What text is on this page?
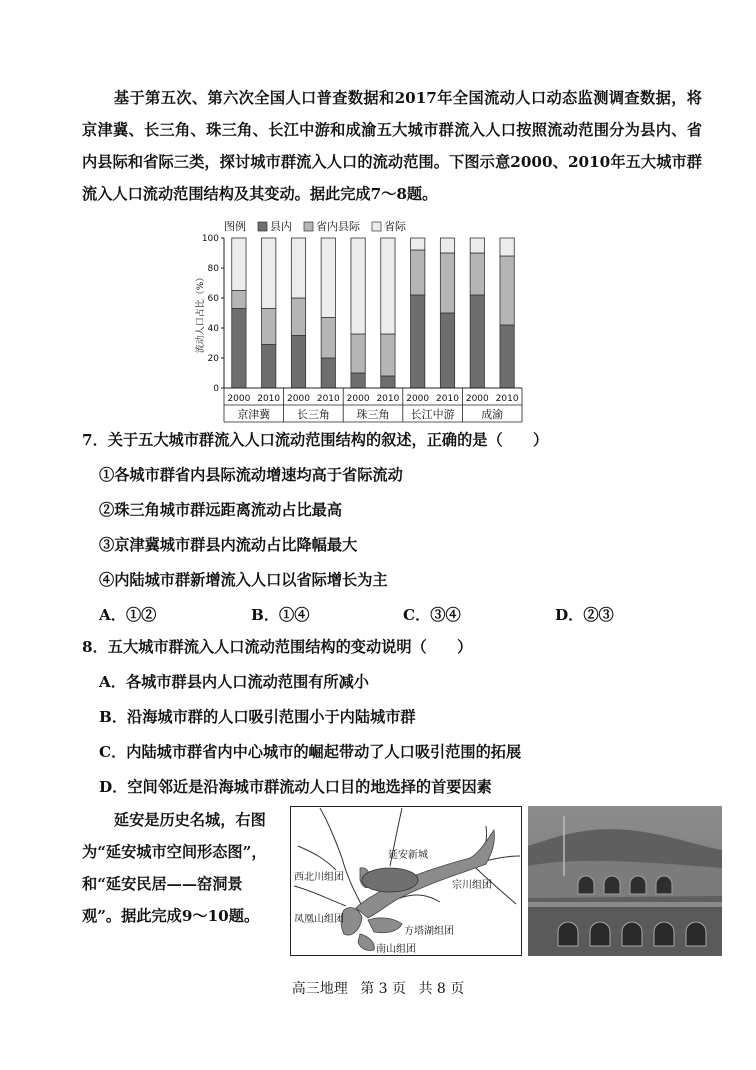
基于第五次、第六次全国人口普查数据和2017年全国流动人口动态监测调查数据，将京津冀、长三角、珠三角、长江中游和成渝五大城市群流入人口按照流动范围分为县内、省内县际和省际三类，探讨城市群流入人口的流动范围。下图示意2000、2010年五大城市群流入人口流动范围结构及其变动。据此完成7～8题。

图例 县内 省内县际 省际
0
20
40
60
80
100
流动人口占比（%）
2000 2010 2000 2010 2000 2010 2000 2010 2000 2010
京津冀 长三角 珠三角 长江中游 成渝
7．关于五大城市群流入人口流动范围结构的叙述，正确的是（　　）
①各城市群省内县际流动增速均高于省际流动
②珠三角城市群远距离流动占比最高
③京津冀城市群县内流动占比降幅最大
④内陆城市群新增流入人口以省际增长为主
A．①②	B．①④	C．③④	D．②③
8．五大城市群流入人口流动范围结构的变动说明（　　）
A．各城市群县内人口流动范围有所减小
B．沿海城市群的人口吸引范围小于内陆城市群
C．内陆城市群省内中心城市的崛起带动了人口吸引范围的拓展
D．空间邻近是沿海城市群流动人口目的地选择的首要因素

延安是历史名城，右图为“延安城市空间形态图”，和“延安民居——窑洞景观”。据此完成9～10题。

延安新城
西北川组团
宗川组团
凤凰山组团
方塔湖组团
南山组团
高三地理 第 3 页 共 8 页
